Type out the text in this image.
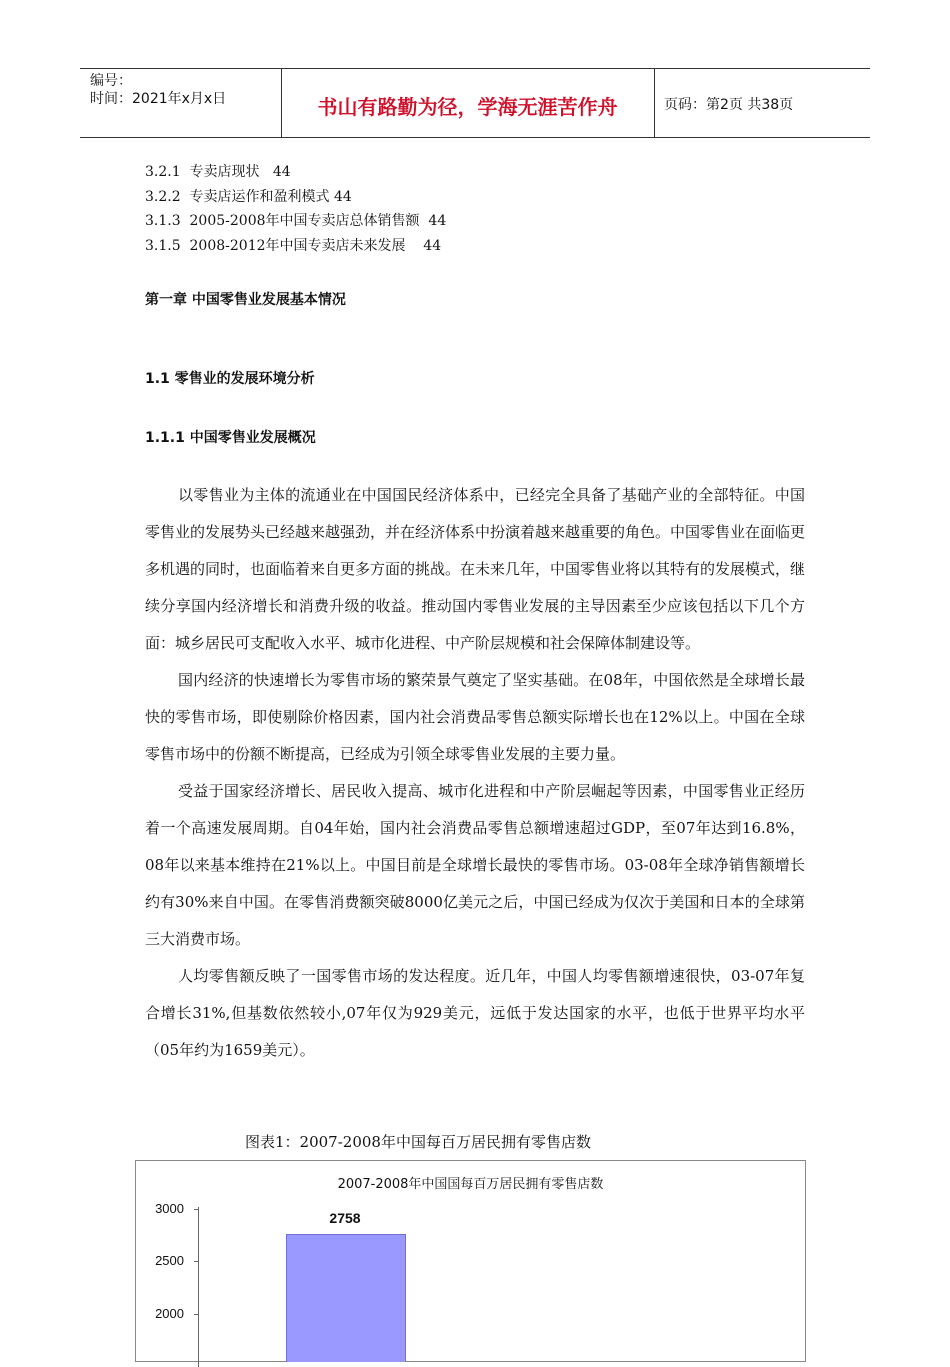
编号：
时间：2021年x月x日	书山有路勤为径，学海无涯苦作舟	页码：第2页 共38页
3.2.1  专卖店现状   44
3.2.2  专卖店运作和盈利模式 44
3.1.3  2005-2008年中国专卖店总体销售额  44
3.1.5  2008-2012年中国专卖店未来发展    44
第一章 中国零售业发展基本情况
1.1 零售业的发展环境分析
1.1.1 中国零售业发展概况

以零售业为主体的流通业在中国国民经济体系中，已经完全具备了基础产业的全部特征。中国零售业的发展势头已经越来越强劲，并在经济体系中扮演着越来越重要的角色。中国零售业在面临更多机遇的同时，也面临着来自更多方面的挑战。在未来几年，中国零售业将以其特有的发展模式，继续分享国内经济增长和消费升级的收益。推动国内零售业发展的主导因素至少应该包括以下几个方面：城乡居民可支配收入水平、城市化进程、中产阶层规模和社会保障体制建设等。

国内经济的快速增长为零售市场的繁荣景气奠定了坚实基础。在08年，中国依然是全球增长最快的零售市场，即使剔除价格因素，国内社会消费品零售总额实际增长也在12%以上。中国在全球零售市场中的份额不断提高，已经成为引领全球零售业发展的主要力量。

受益于国家经济增长、居民收入提高、城市化进程和中产阶层崛起等因素，中国零售业正经历着一个高速发展周期。自04年始，国内社会消费品零售总额增速超过GDP，至07年达到16.8%，08年以来基本维持在21%以上。中国目前是全球增长最快的零售市场。03-08年全球净销售额增长约有30%来自中国。在零售消费额突破8000亿美元之后，中国已经成为仅次于美国和日本的全球第三大消费市场。

人均零售额反映了一国零售市场的发达程度。近几年，中国人均零售额增速很快，03-07年复合增长31%,但基数依然较小,07年仅为929美元，远低于发达国家的水平，也低于世界平均水平（05年约为1659美元）。

图表1：2007-2008年中国每百万居民拥有零售店数
2007-2008年中国国每百万居民拥有零售店数
3000
2500
2000
2758
